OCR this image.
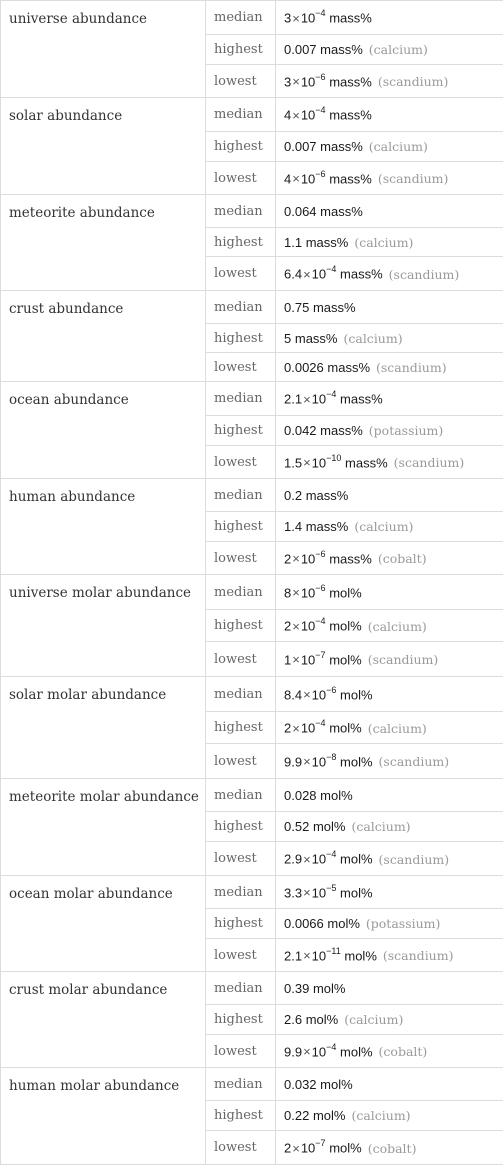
universe abundance	median	$3\times 10^{-4}$ mass%
	highest	0.007 mass% (calcium)
	lowest	$3\times 10^{-6}$ mass% (scandium)
solar abundance	median	$4\times 10^{-4}$ mass%
	highest	0.007 mass% (calcium)
	lowest	$4\times 10^{-6}$ mass% (scandium)
meteorite abundance	median	0.064 mass%
	highest	1.1 mass% (calcium)
	lowest	$6.4\times 10^{-4}$ mass% (scandium)
crust abundance	median	0.75 mass%
	highest	5 mass% (calcium)
	lowest	0.0026 mass% (scandium)
ocean abundance	median	$2.1\times 10^{-4}$ mass%
	highest	0.042 mass% (potassium)
	lowest	$1.5\times 10^{-10}$ mass% (scandium)
human abundance	median	0.2 mass%
	highest	1.4 mass% (calcium)
	lowest	$2\times 10^{-6}$ mass% (cobalt)
universe molar abundance	median	$8\times 10^{-6}$ mol%
	highest	$2\times 10^{-4}$ mol% (calcium)
	lowest	$1\times 10^{-7}$ mol% (scandium)
solar molar abundance	median	$8.4\times 10^{-6}$ mol%
	highest	$2\times 10^{-4}$ mol% (calcium)
	lowest	$9.9\times 10^{-8}$ mol% (scandium)
meteorite molar abundance	median	0.028 mol%
	highest	0.52 mol% (calcium)
	lowest	$2.9\times 10^{-4}$ mol% (scandium)
ocean molar abundance	median	$3.3\times 10^{-5}$ mol%
	highest	0.0066 mol% (potassium)
	lowest	$2.1\times 10^{-11}$ mol% (scandium)
crust molar abundance	median	0.39 mol%
	highest	2.6 mol% (calcium)
	lowest	$9.9\times 10^{-4}$ mol% (cobalt)
human molar abundance	median	0.032 mol%
	highest	0.22 mol% (calcium)
	lowest	$2\times 10^{-7}$ mol% (cobalt)
